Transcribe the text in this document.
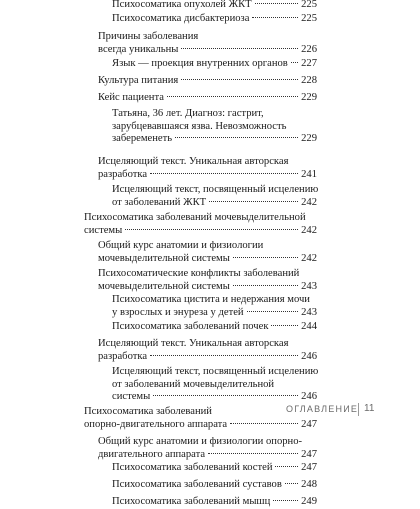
Психосоматика опухолей ЖКТ	225
Психосоматика дисбактериоза	225
Причины заболевания
всегда уникальны	226
Язык — проекция внутренних органов 227
Культура питания	228
Кейс пациента	229
Татьяна, 36 лет. Диагноз: гастрит,
зарубцевавшаяся язва. Невозможность
забеременеть	229
Исцеляющий текст. Уникальная авторская
разработка	241
Исцеляющий текст, посвященный исцелению
от заболеваний ЖКТ	242
Психосоматика заболеваний мочевыделительной
системы	242
Общий курс анатомии и физиологии
мочевыделительной системы	242
Психосоматические конфликты заболеваний
мочевыделительной системы	243
Психосоматика цистита и недержания мочи
у взрослых и энуреза у детей	243
Психосоматика заболеваний почек	244
Исцеляющий текст. Уникальная авторская
разработка	246
Исцеляющий текст, посвященный исцелению
от заболеваний мочевыделительной
системы	246
Психосоматика заболеваний
опорно-двигательного аппарата	247
Общий курс анатомии и физиологии опорно-
двигательного аппарата	247
Психосоматика заболеваний костей	247
Психосоматика заболеваний суставов 248
Психосоматика заболеваний мышц	249
ОГЛАВЛЕНИЕ 11
